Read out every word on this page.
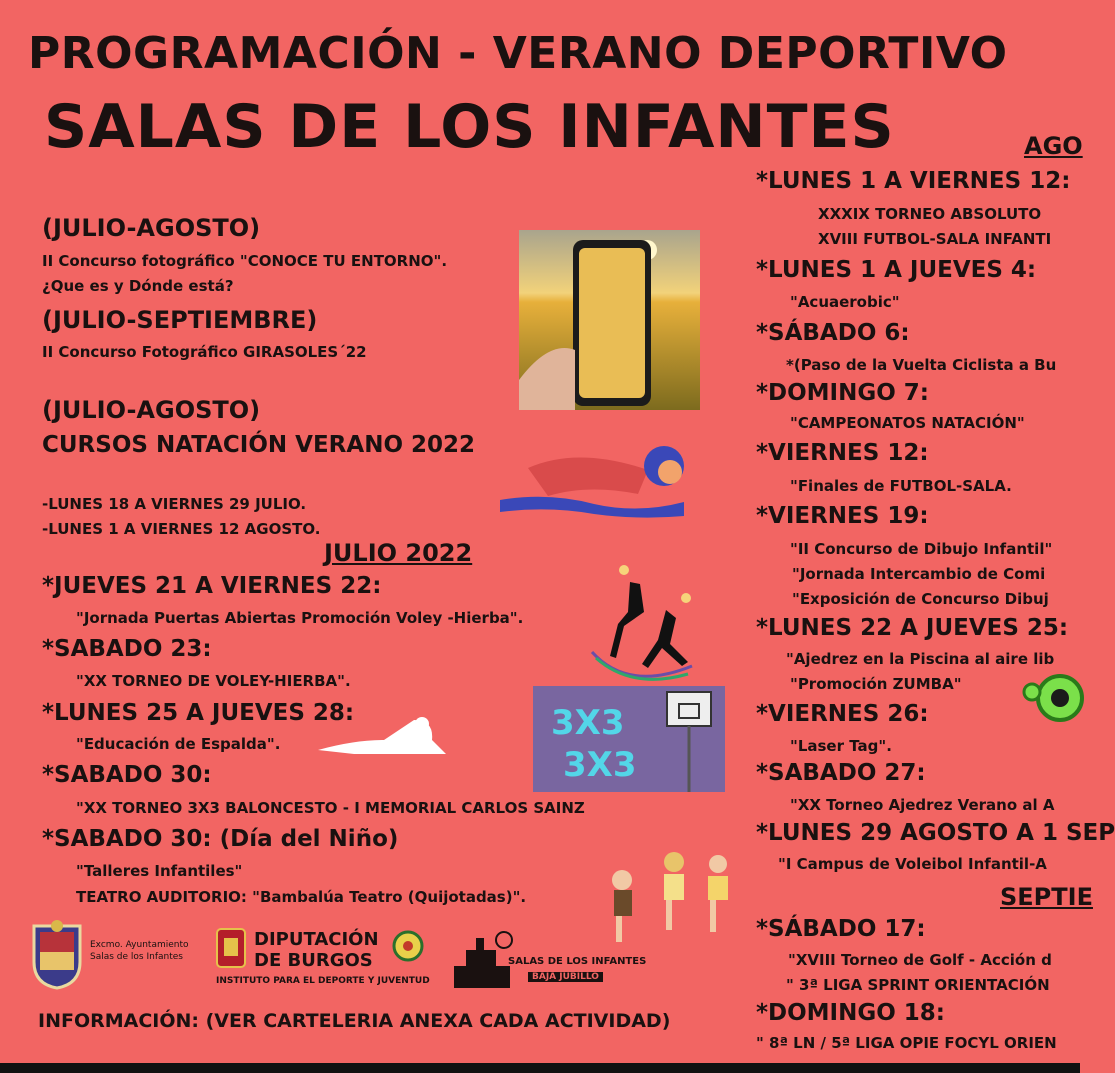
PROGRAMACIÓN - VERANO DEPORTIVO
SALAS DE LOS INFANTES	AGO
(JULIO-AGOSTO)
II Concurso fotográfico "CONOCE TU ENTORNO".
¿Que es y Dónde está?
(JULIO-SEPTIEMBRE)
II Concurso Fotográfico GIRASOLES´22
(JULIO-AGOSTO)
CURSOS NATACIÓN VERANO 2022
-LUNES 18 A VIERNES 29 JULIO.
-LUNES 1 A VIERNES 12 AGOSTO.
JULIO 2022
*JUEVES 21 A VIERNES 22:
"Jornada Puertas Abiertas Promoción Voley -Hierba".
*SABADO 23:
"XX TORNEO DE VOLEY-HIERBA".
*LUNES 25 A JUEVES 28:
"Educación de Espalda".
*SABADO 30:
"XX TORNEO 3X3 BALONCESTO - I MEMORIAL CARLOS SAINZ
*SABADO 30: (Día del Niño)
"Talleres Infantiles"
TEATRO AUDITORIO: "Bambalúa Teatro (Quijotadas)".
Excmo. Ayuntamiento
Salas de los Infantes
DIPUTACIÓN
DE BURGOS
INSTITUTO PARA EL DEPORTE Y JUVENTUD
SALAS DE LOS INFANTES
BAJA JUBILLO
INFORMACIÓN: (VER CARTELERIA ANEXA CADA ACTIVIDAD)
3X3
3X3
*LUNES 1 A VIERNES 12:
XXXIX TORNEO ABSOLUTO
XVIII FUTBOL-SALA INFANTI
*LUNES 1 A JUEVES 4:
"Acuaerobic"
*SÁBADO 6:
*(Paso de la Vuelta Ciclista a Bu
*DOMINGO 7:
"CAMPEONATOS NATACIÓN"
*VIERNES 12:
"Finales de FUTBOL-SALA.
*VIERNES 19:
"II Concurso de Dibujo Infantil"
"Jornada Intercambio de Comi
"Exposición de Concurso Dibuj
*LUNES 22 A JUEVES 25:
"Ajedrez en la Piscina al aire lib
"Promoción ZUMBA"
*VIERNES 26:
"Laser Tag".
*SABADO 27:
"XX Torneo Ajedrez Verano al A
*LUNES 29 AGOSTO A 1 SEP
"I Campus de Voleibol Infantil-A
SEPTIE
*SÁBADO 17:
"XVIII Torneo de Golf - Acción d
" 3ª LIGA SPRINT ORIENTACIÓN
*DOMINGO 18:
" 8ª LN / 5ª LIGA OPIE FOCYL ORIEN
